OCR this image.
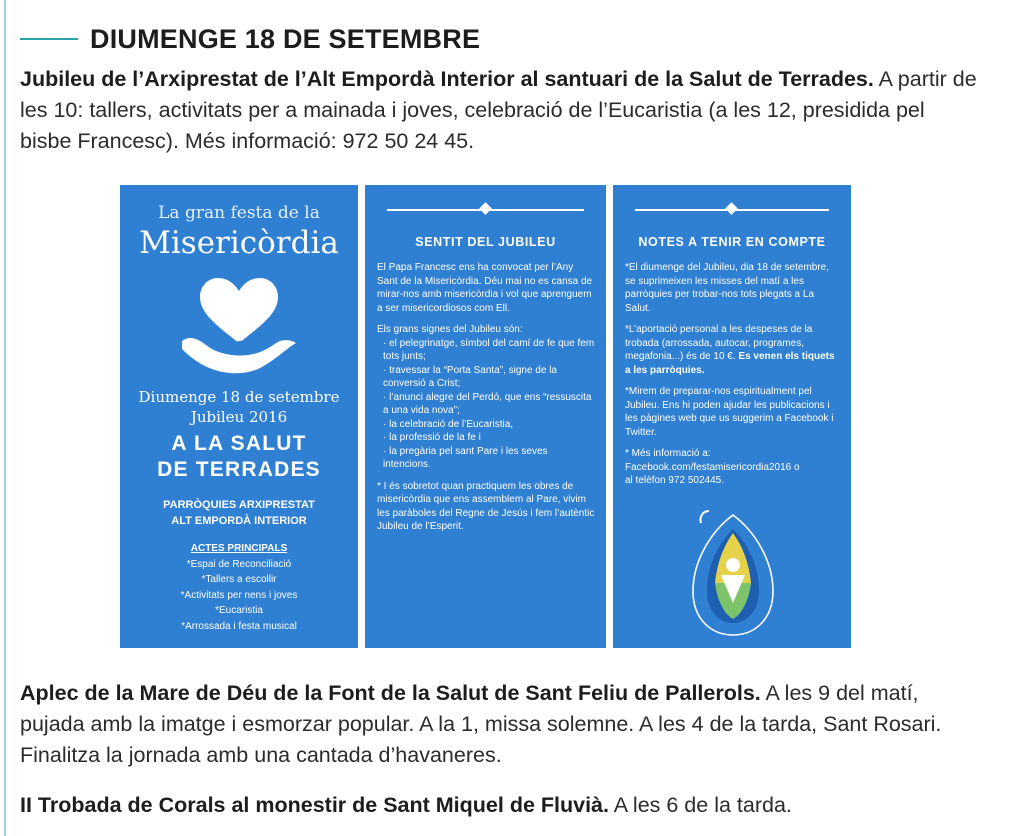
DIUMENGE 18 DE SETEMBRE
Jubileu de l’Arxiprestat de l’Alt Empordà Interior al santuari de la Salut de Terrades. A partir de les 10: tallers, activitats per a mainada i joves, celebració de l’Eucaristia (a les 12, presidida pel bisbe Francesc). Més informació: 972 50 24 45.
La gran festa de la
Misericòrdia
Diumenge 18 de setembre
Jubileu 2016
A LA SALUT
DE TERRADES
PARRÒQUIES ARXIPRESTAT
ALT EMPORDÀ INTERIOR
ACTES PRINCIPALS
*Espai de Reconciliació
*Tallers a escollir
*Activitats per nens i joves
*Eucaristia
*Arrossada i festa musical
SENTIT DEL JUBILEU

El Papa Francesc ens ha convocat per l’Any Sant de la Misericòrdia. Déu mai no es cansa de mirar-nos amb misericòrdia i vol que aprenguem a ser misericordiosos com Ell.

Els grans signes del Jubileu són:
· el pelegrinatge, símbol del camí de fe que fem tots junts;
· travessar la “Porta Santa”, signe de la conversió a Crist;
· l’anunci alegre del Perdó, que ens “ressuscita a una vida nova”;
· la celebració de l’Eucaristia,
· la professió de la fe i
· la pregària pel sant Pare i les seves intencions.

* I és sobretot quan practiquem les obres de misericòrdia que ens assemblem al Pare, vivim les paràboles del Regne de Jesús i fem l’autèntic Jubileu de l’Esperit.

NOTES A TENIR EN COMPTE

*El diumenge del Jubileu, dia 18 de setembre, se suprimeixen les misses del matí a les parròquies per trobar-nos tots plegats a La Salut.

*L’aportació personal a les despeses de la trobada (arrossada, autocar, programes, megafonia...) és de 10 €. Es venen els tiquets a les parròquies.

*Mirem de preparar-nos espiritualment pel Jubileu. Ens hi poden ajudar les publicacions i les pàgines web que us suggerim a Facebook i Twitter.

* Més informació a:
Facebook.com/festamisericordia2016 o
al telèfon 972 502445.
Aplec de la Mare de Déu de la Font de la Salut de Sant Feliu de Pallerols. A les 9 del matí, pujada amb la imatge i esmorzar popular. A la 1, missa solemne. A les 4 de la tarda, Sant Rosari. Finalitza la jornada amb una cantada d’havaneres.
II Trobada de Corals al monestir de Sant Miquel de Fluvià. A les 6 de la tarda.
